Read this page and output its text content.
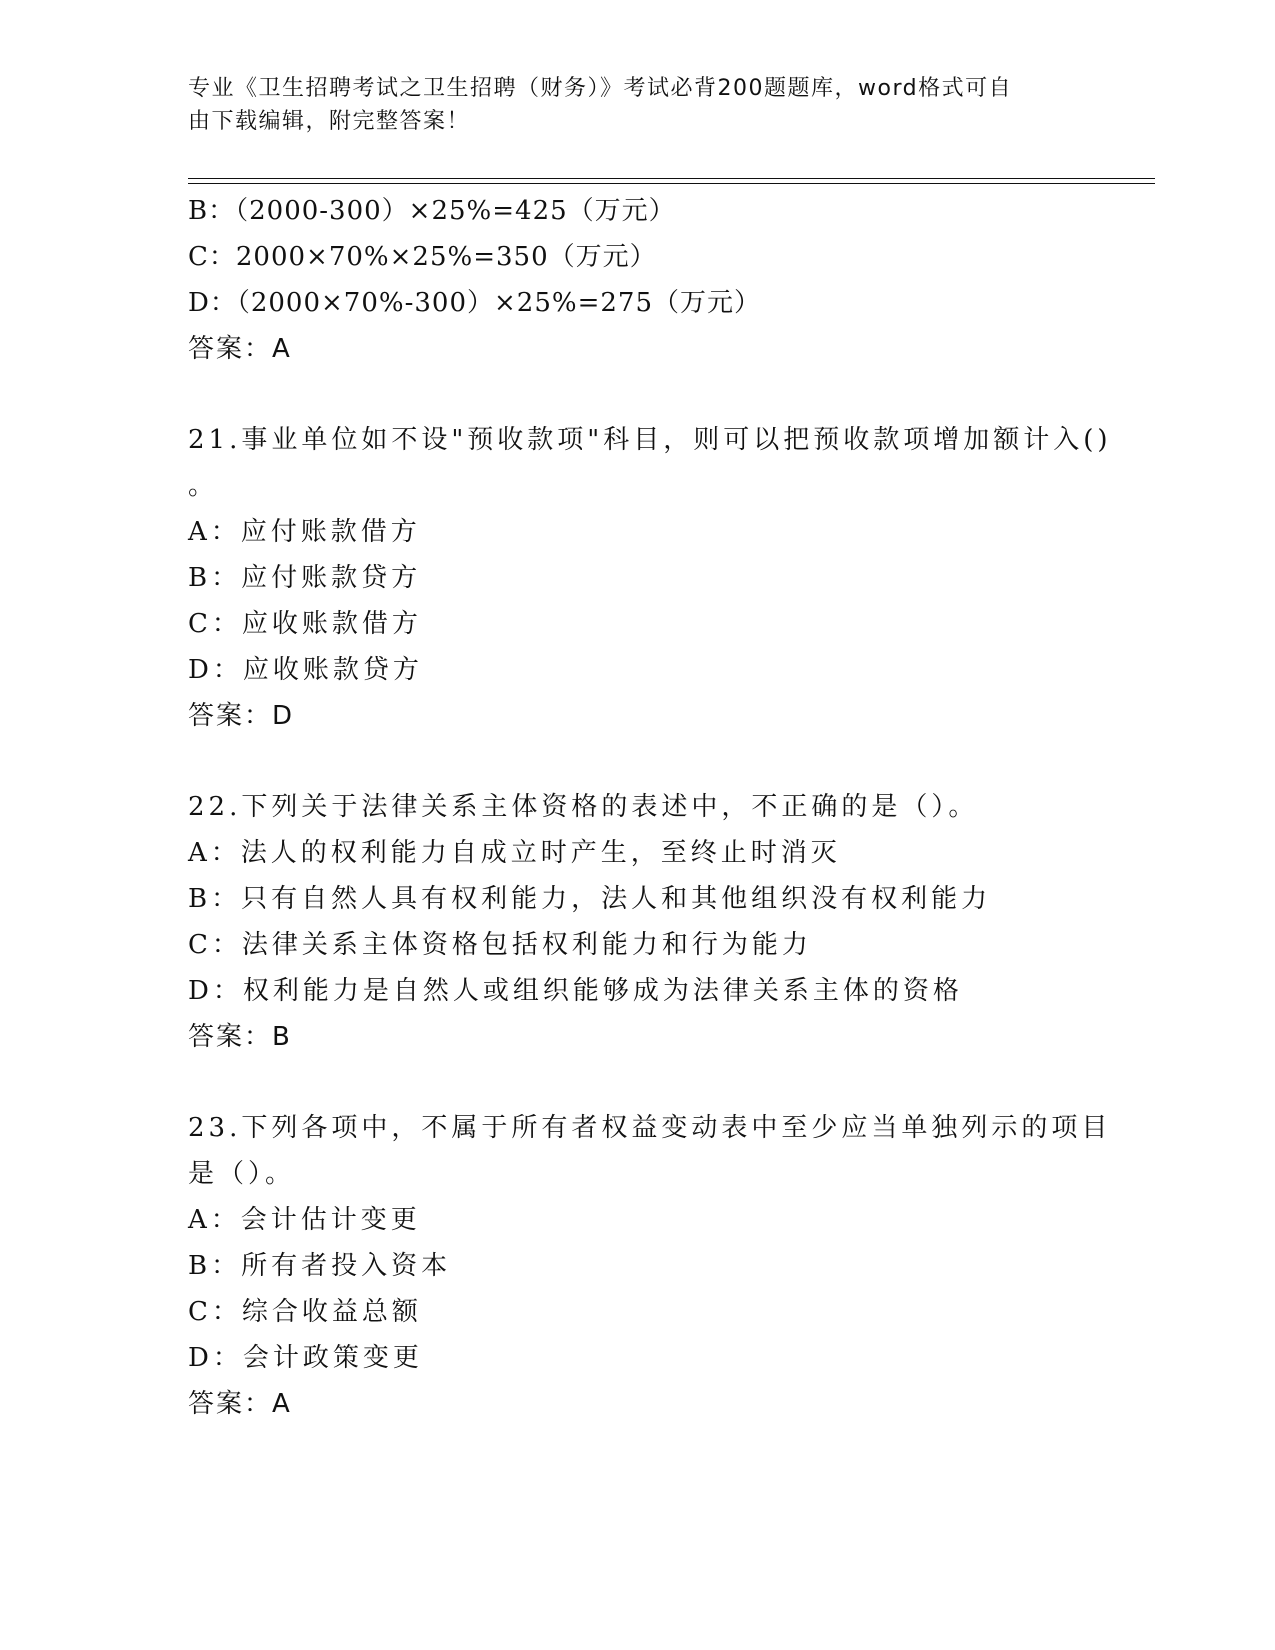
专业《卫生招聘考试之卫生招聘（财务）》考试必背200题题库，word格式可自
由下载编辑，附完整答案！
B：（2000-300）×25%=425（万元）
C：2000×70%×25%=350（万元）
D：（2000×70%-300）×25%=275（万元）
答案：A
21.事业单位如不设"预收款项"科目，则可以把预收款项增加额计入()
。
A：应付账款借方
B：应付账款贷方
C：应收账款借方
D：应收账款贷方
答案：D
22.下列关于法律关系主体资格的表述中，不正确的是（）。
A：法人的权利能力自成立时产生，至终止时消灭
B：只有自然人具有权利能力，法人和其他组织没有权利能力
C：法律关系主体资格包括权利能力和行为能力
D：权利能力是自然人或组织能够成为法律关系主体的资格
答案：B
23.下列各项中，不属于所有者权益变动表中至少应当单独列示的项目
是（）。
A：会计估计变更
B：所有者投入资本
C：综合收益总额
D：会计政策变更
答案：A
